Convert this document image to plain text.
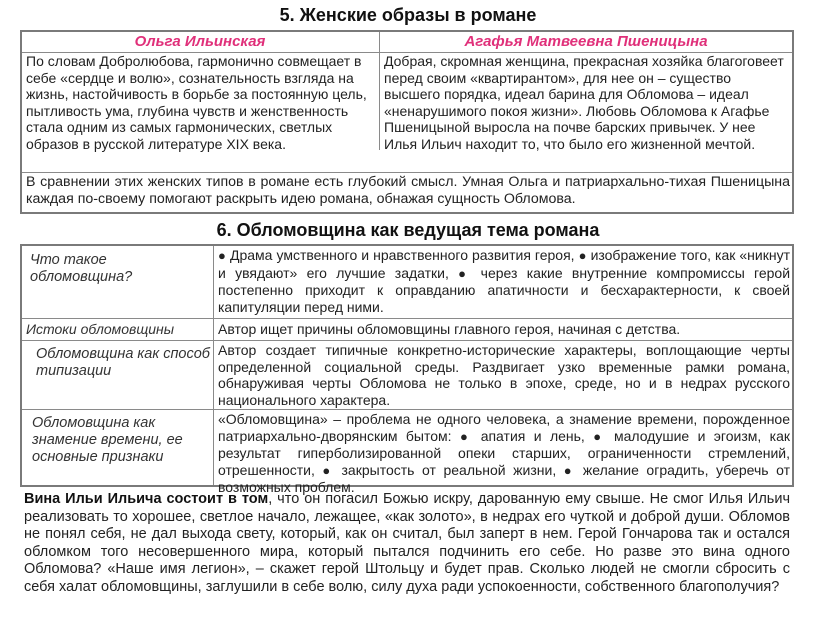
5. Женские образы в романе
Ольга Ильинская	Агафья Матвеевна Пшеницына
По словам Добролюбова, гармонично совмещает в себе «сердце и волю», сознательность взгляда на жизнь, настойчивость в борьбе за постоянную цель, пытливость ума, глубина чувств и женственность стала одним из самых гармонических, светлых образов в русской литературе XIX века.
Добрая, скромная женщина, прекрасная хозяйка благоговеет перед своим «квартирантом», для нее он – существо высшего порядка, идеал барина для Обломова – идеал «ненарушимого покоя жизни». Любовь Обломова к Агафье Пшеницыной выросла на почве барских привычек. У нее Илья Ильич находит то, что было его жизненной мечтой.
В сравнении этих женских типов в романе есть глубокий смысл. Умная Ольга и патриархально-тихая Пшеницына каждая по-своему помогают раскрыть идею романа, обнажая сущность Обломова.
6. Обломовщина как ведущая тема романа
Что такое обломовщина?
● Драма умственного и нравственного развития героя, ● изображение того, как «никнут и увядают» его лучшие задатки, ● через какие внутренние компромиссы герой постепенно приходит к оправданию апатичности и бесхарактерности, к своей капитуляции перед ними.
Истоки обломовщины	Автор ищет причины обломовщины главного героя, начиная с детства.
Обломовщина как способ типизации
Автор создает типичные конкретно-исторические характеры, воплощающие черты определенной социальной среды. Раздвигает узко временные рамки романа, обнаруживая черты Обломова не только в эпохе, среде, но и в недрах русского национального характера.
Обломовщина как знамение времени, ее основные признаки
«Обломовщина» – проблема не одного человека, а знамение времени, порожденное патриархально-дворянским бытом: ● апатия и лень, ● малодушие и эгоизм, как результат гиперболизированной опеки старших, ограниченности стремлений, отрешенности, ● закрытость от реальной жизни, ● желание оградить, уберечь от возможных проблем.
Вина Ильи Ильича состоит в том, что он погасил Божью искру, дарованную ему свыше. Не смог Илья Ильич реализовать то хорошее, светлое начало, лежащее, «как золото», в недрах его чуткой и доброй души. Обломов не понял себя, не дал выхода свету, который, как он считал, был заперт в нем. Герой Гончарова так и остался обломком того несовершенного мира, который пытался подчинить его себе. Но разве это вина одного Обломова? «Наше имя легион», – скажет герой Штольцу и будет прав. Сколько людей не смогли сбросить с себя халат обломовщины, заглушили в себе волю, силу духа ради успокоенности, собственного благополучия?
